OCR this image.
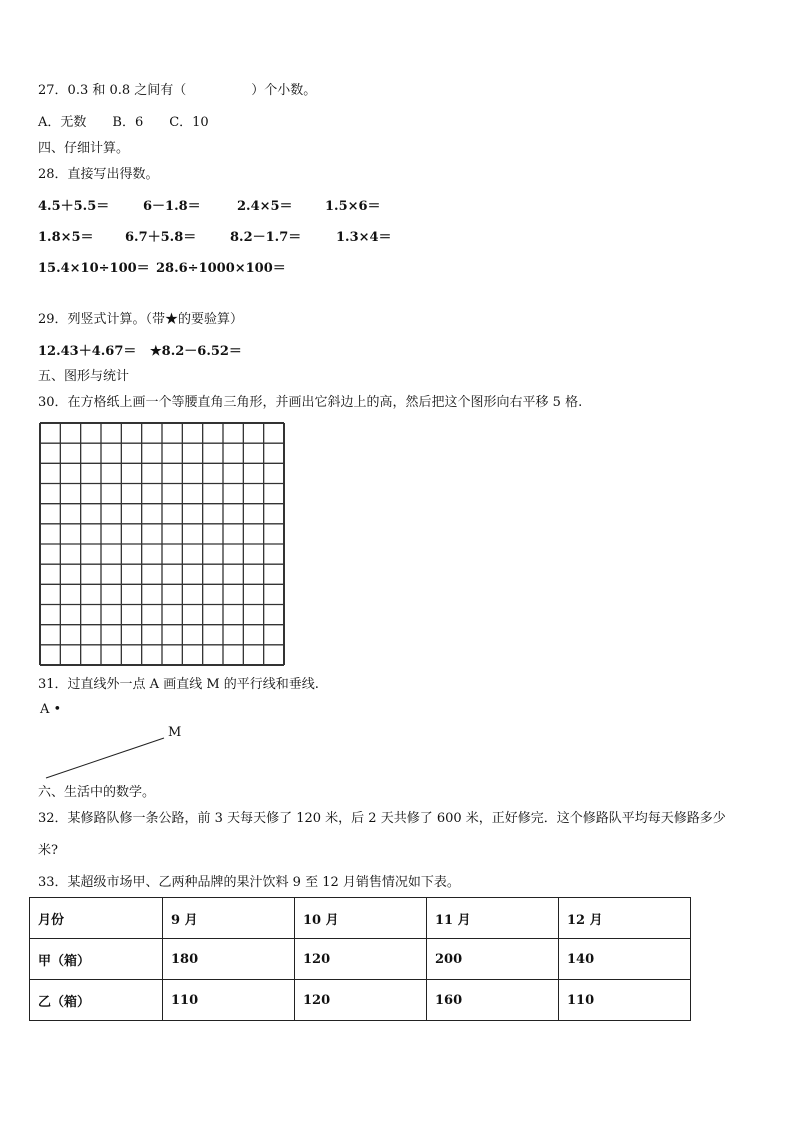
27．0.3 和 0.8 之间有（　　　　　）个小数。
A．无数　　B．6　　C．10
四、仔细计算。
28．直接写出得数。
4.5＋5.5＝	6－1.8＝	2.4×5＝ 1.5×6＝
1.8×5＝ 6.7＋5.8＝	8.2－1.7＝	1.3×4＝
15.4×10÷100＝ 28.6÷1000×100＝
29．列竖式计算。（带★的要验算）
12.43＋4.67＝ ★8.2－6.52＝
五、图形与统计
30．在方格纸上画一个等腰直角三角形，并画出它斜边上的高，然后把这个图形向右平移 5 格.
31．过直线外一点 A 画直线 M 的平行线和垂线.
A •
M
六、生活中的数学。
32．某修路队修一条公路，前 3 天每天修了 120 米，后 2 天共修了 600 米，正好修完．这个修路队平均每天修路多少
米?
33．某超级市场甲、乙两种品牌的果汁饮料 9 至 12 月销售情况如下表。
月份	9 月	10 月	11 月	12 月
甲（箱）	180	120	200	140
乙（箱）	110	120	160	110
